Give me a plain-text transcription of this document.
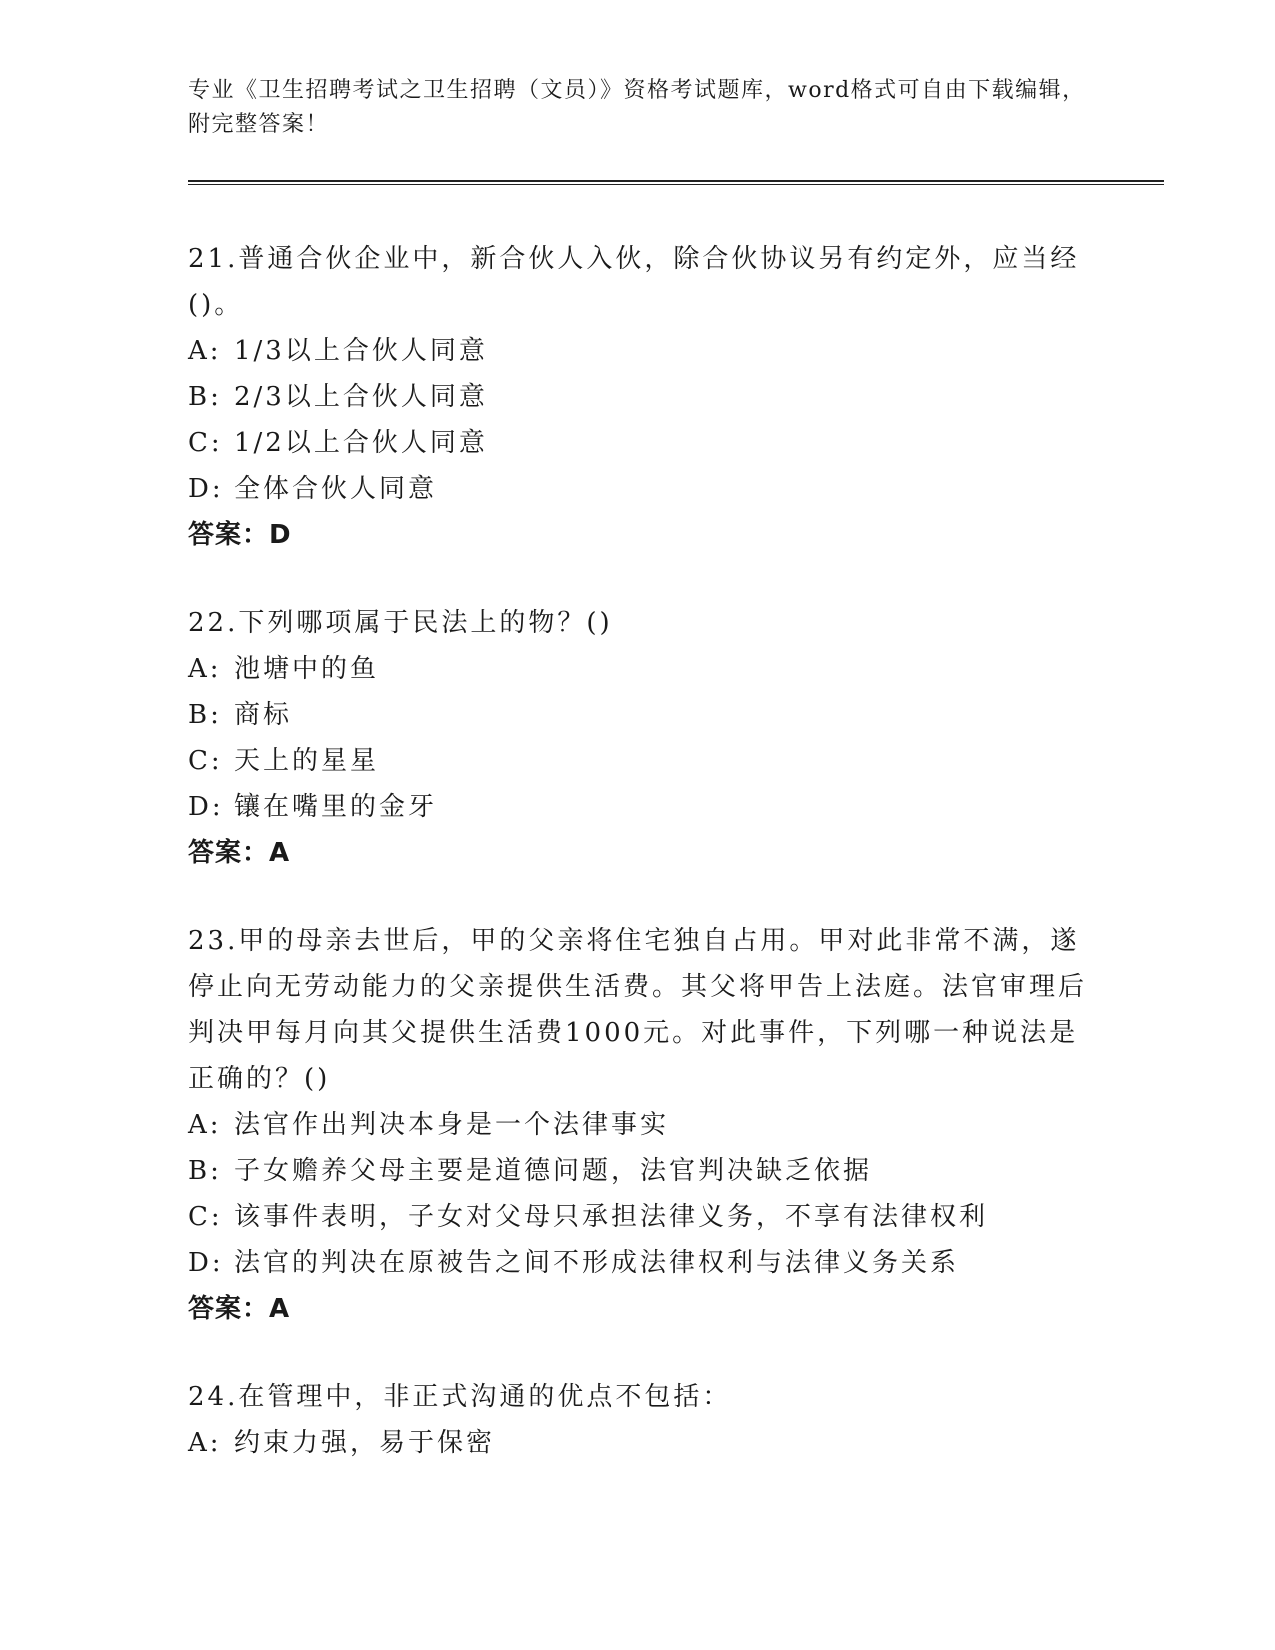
专业《卫生招聘考试之卫生招聘（文员）》资格考试题库，word格式可自由下载编辑，附完整答案！

21.普通合伙企业中，新合伙人入伙，除合伙协议另有约定外，应当经()。

A: 1/3以上合伙人同意

B: 2/3以上合伙人同意

C: 1/2以上合伙人同意

D: 全体合伙人同意

答案：D

22.下列哪项属于民法上的物？()

A: 池塘中的鱼

B: 商标

C: 天上的星星

D: 镶在嘴里的金牙

答案：A

23.甲的母亲去世后，甲的父亲将住宅独自占用。甲对此非常不满，遂停止向无劳动能力的父亲提供生活费。其父将甲告上法庭。法官审理后判决甲每月向其父提供生活费1000元。对此事件，下列哪一种说法是正确的？()

A: 法官作出判决本身是一个法律事实

B: 子女赡养父母主要是道德问题，法官判决缺乏依据

C: 该事件表明，子女对父母只承担法律义务，不享有法律权利

D: 法官的判决在原被告之间不形成法律权利与法律义务关系

答案：A

24.在管理中，非正式沟通的优点不包括：

A: 约束力强，易于保密
